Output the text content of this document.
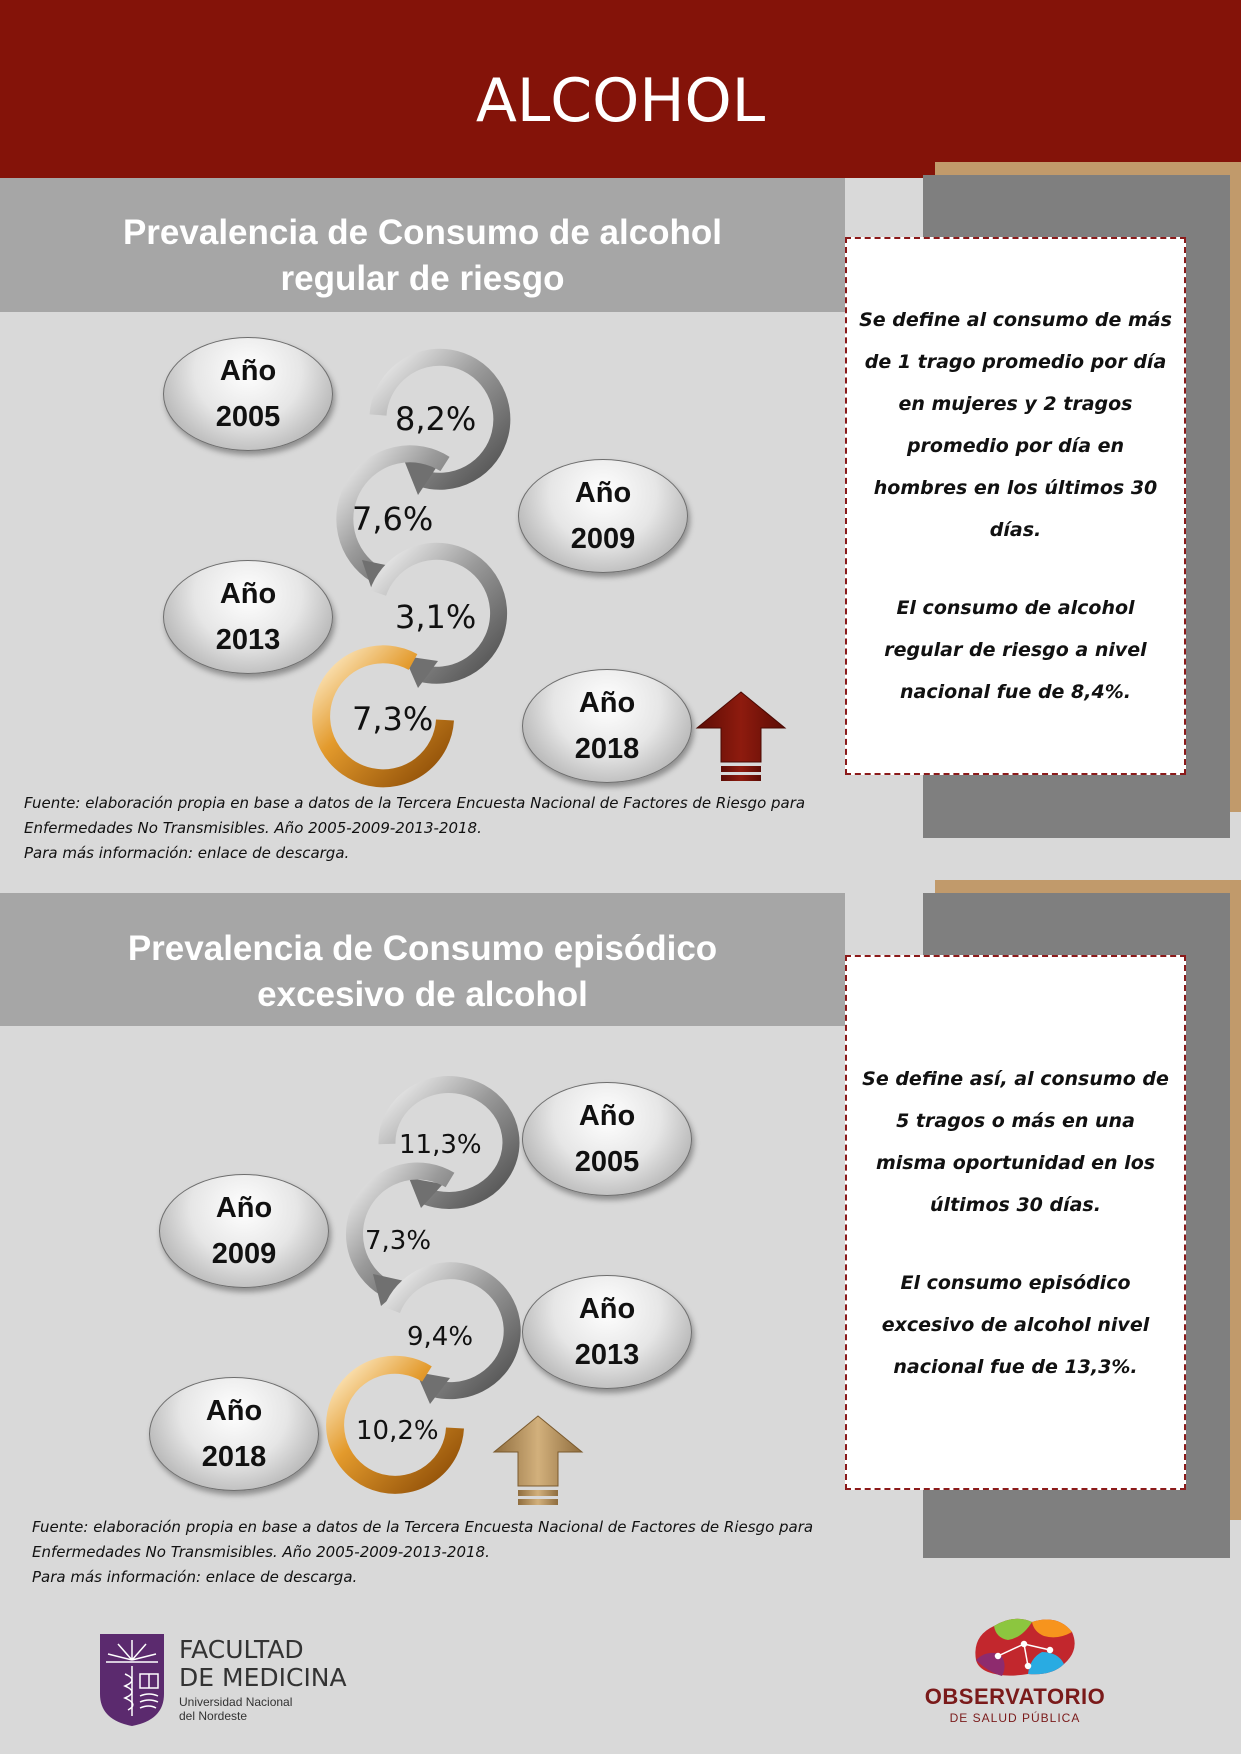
ALCOHOL
Prevalencia de Consumo de alcohol
regular de riesgo

Se define al consumo de más de 1 trago promedio por día en mujeres y 2 tragos promedio por día en hombres en los últimos 30 días.

El consumo de alcohol regular de riesgo a nivel nacional fue de 8,4%.

8,2%
7,6%
3,1%
7,3%
Año
2005
Año
2009
Año
2013
Año
2018
Fuente: elaboración propia en base a datos de la Tercera Encuesta Nacional de Factores de Riesgo para
Enfermedades No Transmisibles. Año 2005-2009-2013-2018.
Para más información: enlace de descarga.
Prevalencia de Consumo episódico
excesivo de alcohol

Se define así, al consumo de 5 tragos o más en una misma oportunidad en los últimos 30 días.

El consumo episódico excesivo de alcohol nivel nacional fue de 13,3%.

11,3%
7,3%
9,4%
10,2%
Año
2005
Año
2009
Año
2013
Año
2018
Fuente: elaboración propia en base a datos de la Tercera Encuesta Nacional de Factores de Riesgo para
Enfermedades No Transmisibles. Año 2005-2009-2013-2018.
Para más información: enlace de descarga.
FACULTAD
DE MEDICINA
Universidad Nacional
del Nordeste
OBSERVATORIO
DE SALUD PÚBLICA
